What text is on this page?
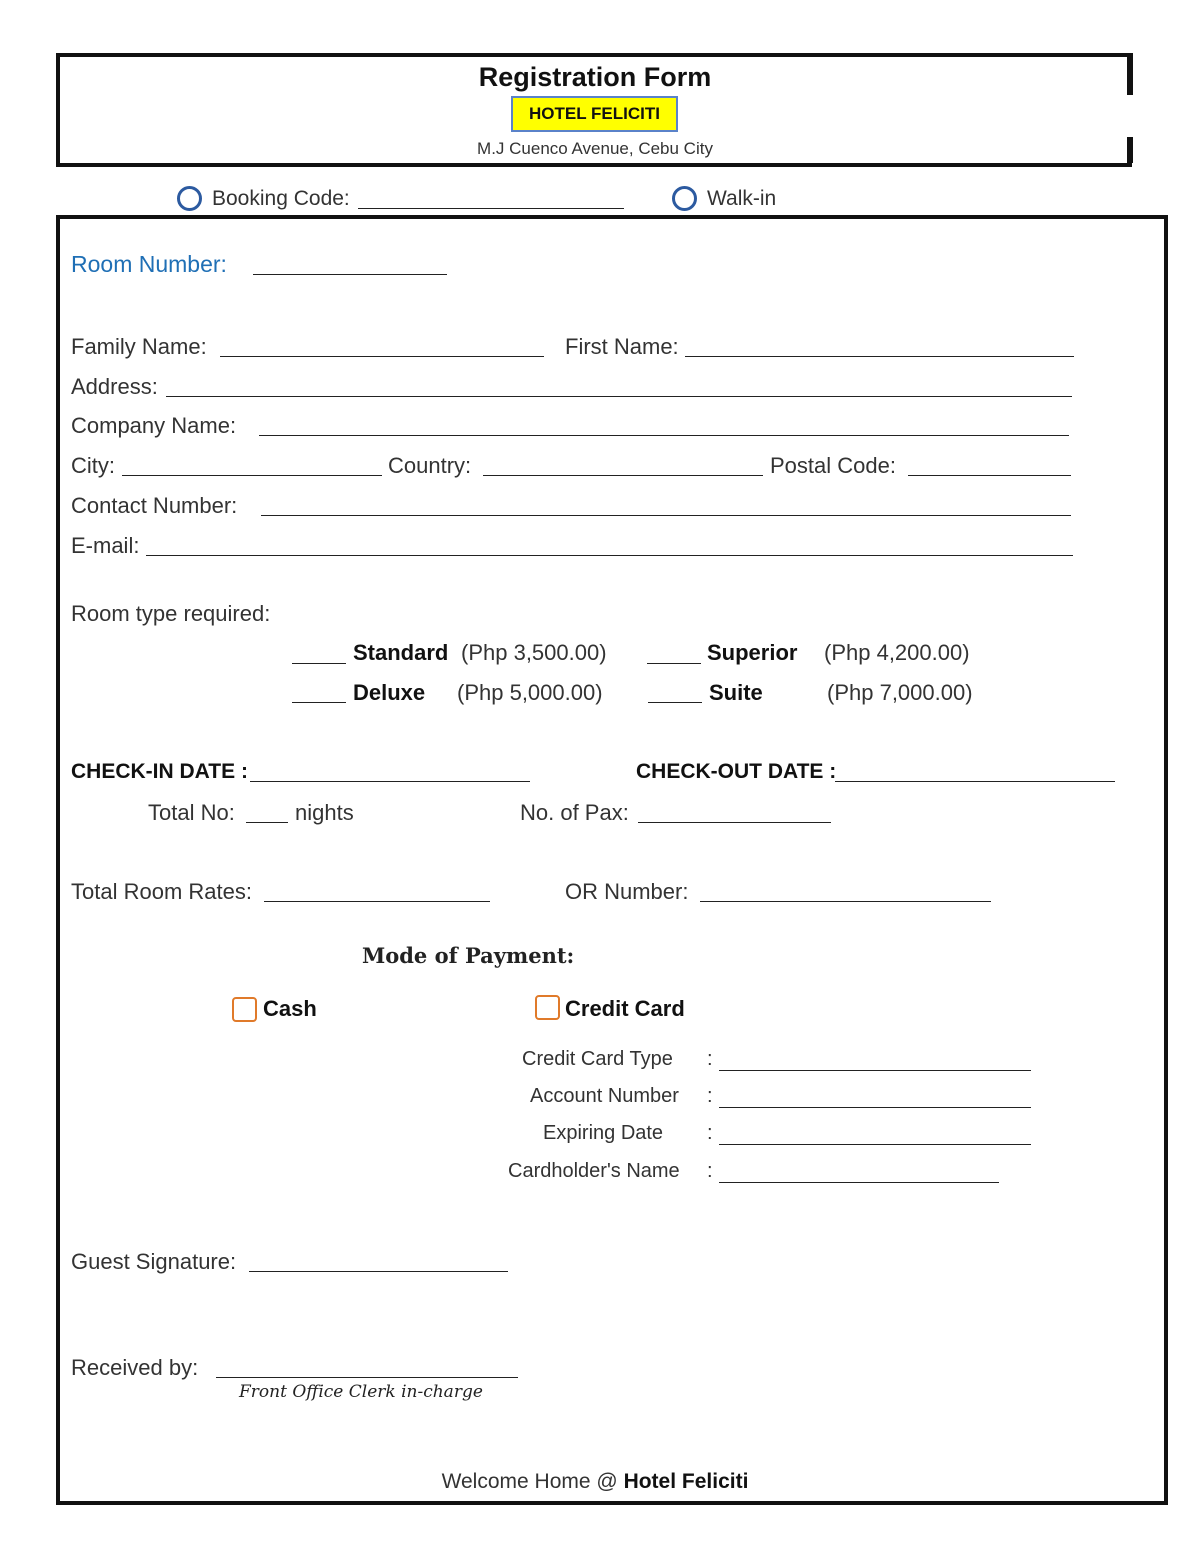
Registration Form
HOTEL FELICITI
M.J Cuenco Avenue, Cebu City
Booking Code:	Walk-in
Room Number:
Family Name:	First Name:
Address:
Company Name:
City:	Country:	Postal Code:
Contact Number:
E-mail:
Room type required:
Standard (Php 3,500.00)	Superior (Php 4,200.00)
Deluxe (Php 5,000.00)	Suite	(Php 7,000.00)
CHECK-IN DATE :	CHECK-OUT DATE :
Total No:	nights	No. of Pax:
Total Room Rates:	OR Number:
Mode of Payment:
Cash	Credit Card
Credit Card Type :
Account Number :
Expiring Date :
Cardholder's Name :
Guest Signature:
Received by:
Front Office Clerk in-charge
Welcome Home @ Hotel Feliciti
